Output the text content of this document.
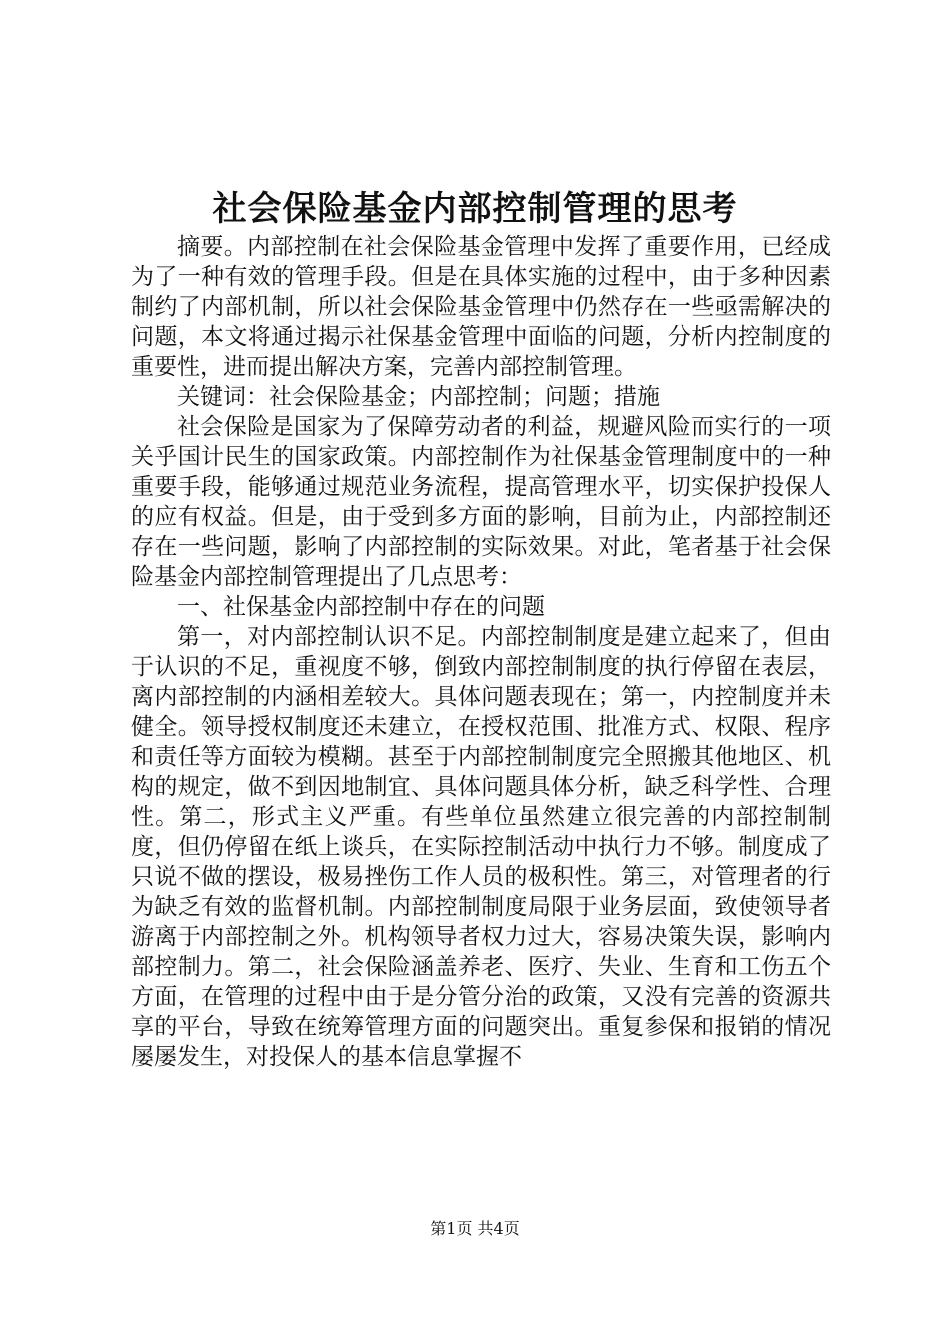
社会保险基金内部控制管理的思考

摘要。内部控制在社会保险基金管理中发挥了重要作用，已经成为了一种有效的管理手段。但是在具体实施的过程中，由于多种因素制约了内部机制，所以社会保险基金管理中仍然存在一些亟需解决的问题，本文将通过揭示社保基金管理中面临的问题，分析内控制度的重要性，进而提出解决方案，完善内部控制管理。

关键词：社会保险基金；内部控制；问题；措施

社会保险是国家为了保障劳动者的利益，规避风险而实行的一项关乎国计民生的国家政策。内部控制作为社保基金管理制度中的一种重要手段，能够通过规范业务流程，提高管理水平，切实保护投保人的应有权益。但是，由于受到多方面的影响，目前为止，内部控制还存在一些问题，影响了内部控制的实际效果。对此，笔者基于社会保险基金内部控制管理提出了几点思考：

一、社保基金内部控制中存在的问题

第一，对内部控制认识不足。内部控制制度是建立起来了，但由于认识的不足，重视度不够，倒致内部控制制度的执行停留在表层，离内部控制的内涵相差较大。具体问题表现在；第一，内控制度并未健全。领导授权制度还未建立，在授权范围、批准方式、权限、程序和责任等方面较为模糊。甚至于内部控制制度完全照搬其他地区、机构的规定，做不到因地制宜、具体问题具体分析，缺乏科学性、合理性。第二，形式主义严重。有些单位虽然建立很完善的内部控制制度，但仍停留在纸上谈兵，在实际控制活动中执行力不够。制度成了只说不做的摆设，极易挫伤工作人员的极积性。第三，对管理者的行为缺乏有效的监督机制。内部控制制度局限于业务层面，致使领导者游离于内部控制之外。机构领导者权力过大，容易决策失误，影响内部控制力。第二，社会保险涵盖养老、医疗、失业、生育和工伤五个方面，在管理的过程中由于是分管分治的政策，又没有完善的资源共享的平台，导致在统筹管理方面的问题突出。重复参保和报销的情况屡屡发生，对投保人的基本信息掌握不

第1页 共4页
